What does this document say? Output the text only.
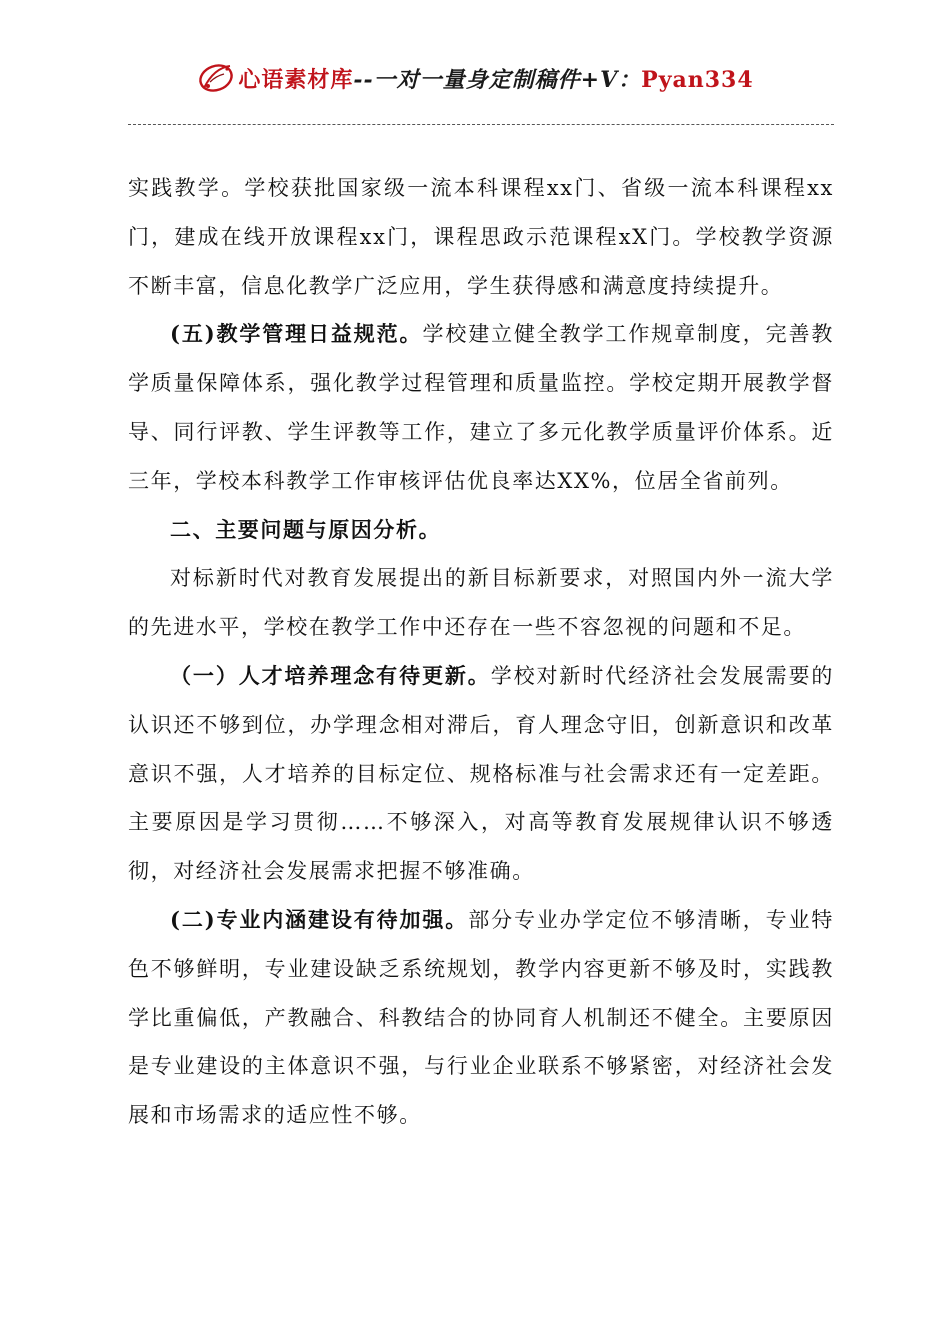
心语素材库--一对一量身定制稿件+V：Pyan334

实践教学。学校获批国家级一流本科课程xx门、省级一流本科课程xx门，建成在线开放课程xx门，课程思政示范课程xX门。学校教学资源不断丰富，信息化教学广泛应用，学生获得感和满意度持续提升。

(五)教学管理日益规范。学校建立健全教学工作规章制度，完善教学质量保障体系，强化教学过程管理和质量监控。学校定期开展教学督导、同行评教、学生评教等工作，建立了多元化教学质量评价体系。近三年，学校本科教学工作审核评估优良率达XX%，位居全省前列。

二、主要问题与原因分析。

对标新时代对教育发展提出的新目标新要求，对照国内外一流大学的先进水平，学校在教学工作中还存在一些不容忽视的问题和不足。

（一）人才培养理念有待更新。学校对新时代经济社会发展需要的认识还不够到位，办学理念相对滞后，育人理念守旧，创新意识和改革意识不强，人才培养的目标定位、规格标准与社会需求还有一定差距。主要原因是学习贯彻……不够深入，对高等教育发展规律认识不够透彻，对经济社会发展需求把握不够准确。

(二)专业内涵建设有待加强。部分专业办学定位不够清晰，专业特色不够鲜明，专业建设缺乏系统规划，教学内容更新不够及时，实践教学比重偏低，产教融合、科教结合的协同育人机制还不健全。主要原因是专业建设的主体意识不强，与行业企业联系不够紧密，对经济社会发展和市场需求的适应性不够。
